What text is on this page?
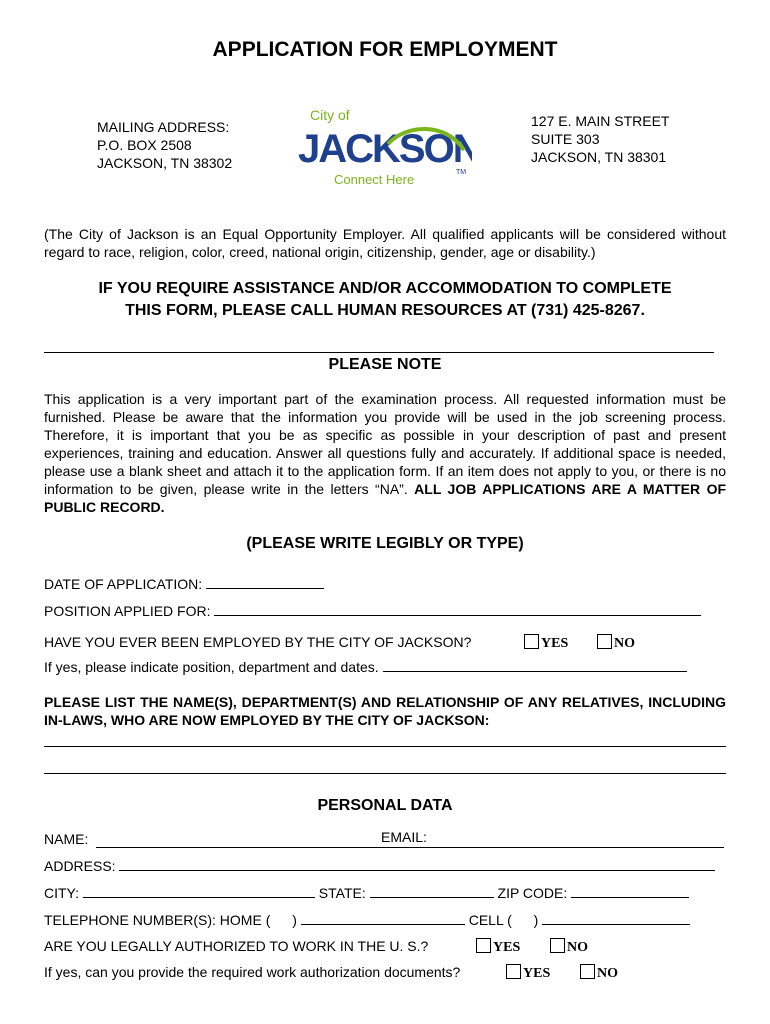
APPLICATION FOR EMPLOYMENT
MAILING ADDRESS:
P.O. BOX 2508
JACKSON, TN 38302
City of
JACKSON
Connect Here	TM
127 E. MAIN STREET
SUITE 303
JACKSON, TN 38301
(The City of Jackson is an Equal Opportunity Employer. All qualified applicants will be considered without regard to race, religion, color, creed, national origin, citizenship, gender, age or disability.)
IF YOU REQUIRE ASSISTANCE AND/OR ACCOMMODATION TO COMPLETE
THIS FORM, PLEASE CALL HUMAN RESOURCES AT (731) 425-8267.
PLEASE NOTE
This application is a very important part of the examination process. All requested information must be furnished. Please be aware that the information you provide will be used in the job screening process. Therefore, it is important that you be as specific as possible in your description of past and present experiences, training and education. Answer all questions fully and accurately. If additional space is needed, please use a blank sheet and attach it to the application form. If an item does not apply to you, or there is no information to be given, please write in the letters “NA”. ALL JOB APPLICATIONS ARE A MATTER OF PUBLIC RECORD.
(PLEASE WRITE LEGIBLY OR TYPE)
DATE OF APPLICATION:
POSITION APPLIED FOR:
HAVE YOU EVER BEEN EMPLOYED BY THE CITY OF JACKSON?	YES	NO
If yes, please indicate position, department and dates.
PLEASE LIST THE NAME(S), DEPARTMENT(S) AND RELATIONSHIP OF ANY RELATIVES, INCLUDING IN-LAWS, WHO ARE NOW EMPLOYED BY THE CITY OF JACKSON:
PERSONAL DATA
NAME:	EMAIL:
ADDRESS:
CITY:	STATE:	ZIP CODE:
TELEPHONE NUMBER(S): HOME ( )	CELL ( )
ARE YOU LEGALLY AUTHORIZED TO WORK IN THE U. S.?	YES	NO
If yes, can you provide the required work authorization documents?	YES	NO
